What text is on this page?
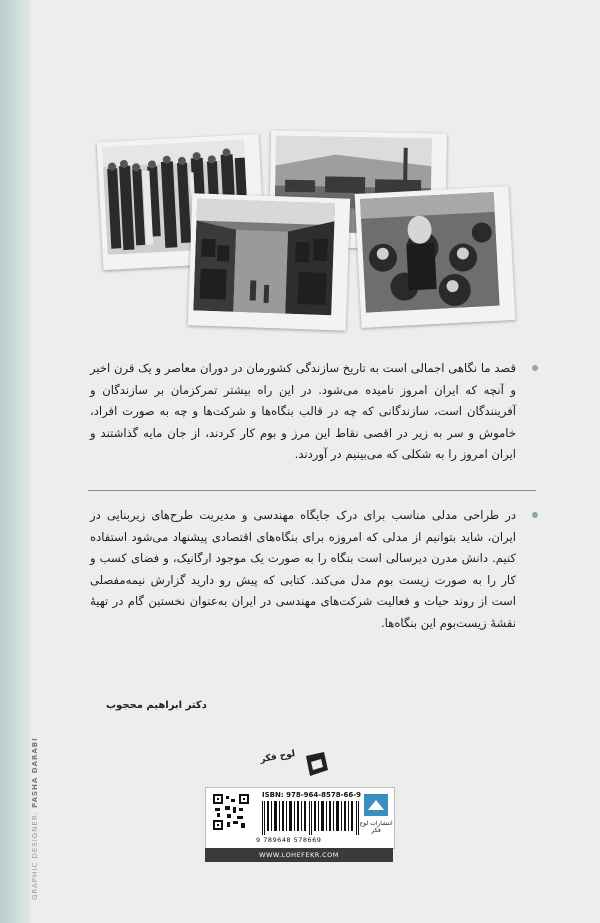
GRAPHIC DESIGNER: PASHA DARABI
قصد ما نگاهی اجمالی است به تاریخ سازندگی کشورمان در دوران معاصر و یک قرن اخیر و آنچه که ایران امروز نامیده می‌شود. در این راه بیشتر تمرکزمان بر سازندگان و آفرینندگان است، سازندگانی که چه در قالب بنگاه‌ها و شرکت‌ها و چه به صورت افراد، خاموش و سر به زیر در اقصی نقاط این مرز و بوم کار کردند، از جان مایه گذاشتند و ایران امروز را به شکلی که می‌بینیم در آوردند.
در طراحی مدلی مناسب برای درک جایگاه مهندسی و مدیریت طرح‌های زیربنایی در ایران، شاید بتوانیم از مدلی که امروزه برای بنگاه‌های اقتصادی پیشنهاد می‌شود استفاده کنیم. دانش مدرن دیرسالی است بنگاه را به صورت یک موجود ارگانیک، و فضای کسب و کار را به صورت زیست بوم مدل می‌کند. کتابی که پیش رو دارید گزارش نیمه‌مفصلی است از روند حیات و فعالیت شرکت‌های مهندسی در ایران به‌عنوان نخستین گام در تهیهٔ نقشهٔ زیست‌بوم این بنگاه‌ها.
دکتر ابراهیم محجوب
لوح فکر
ISBN: 978-964-8578-66-9
9 789648 578669
انتشارات لوح فکر
WWW.LOHEFEKR.COM
